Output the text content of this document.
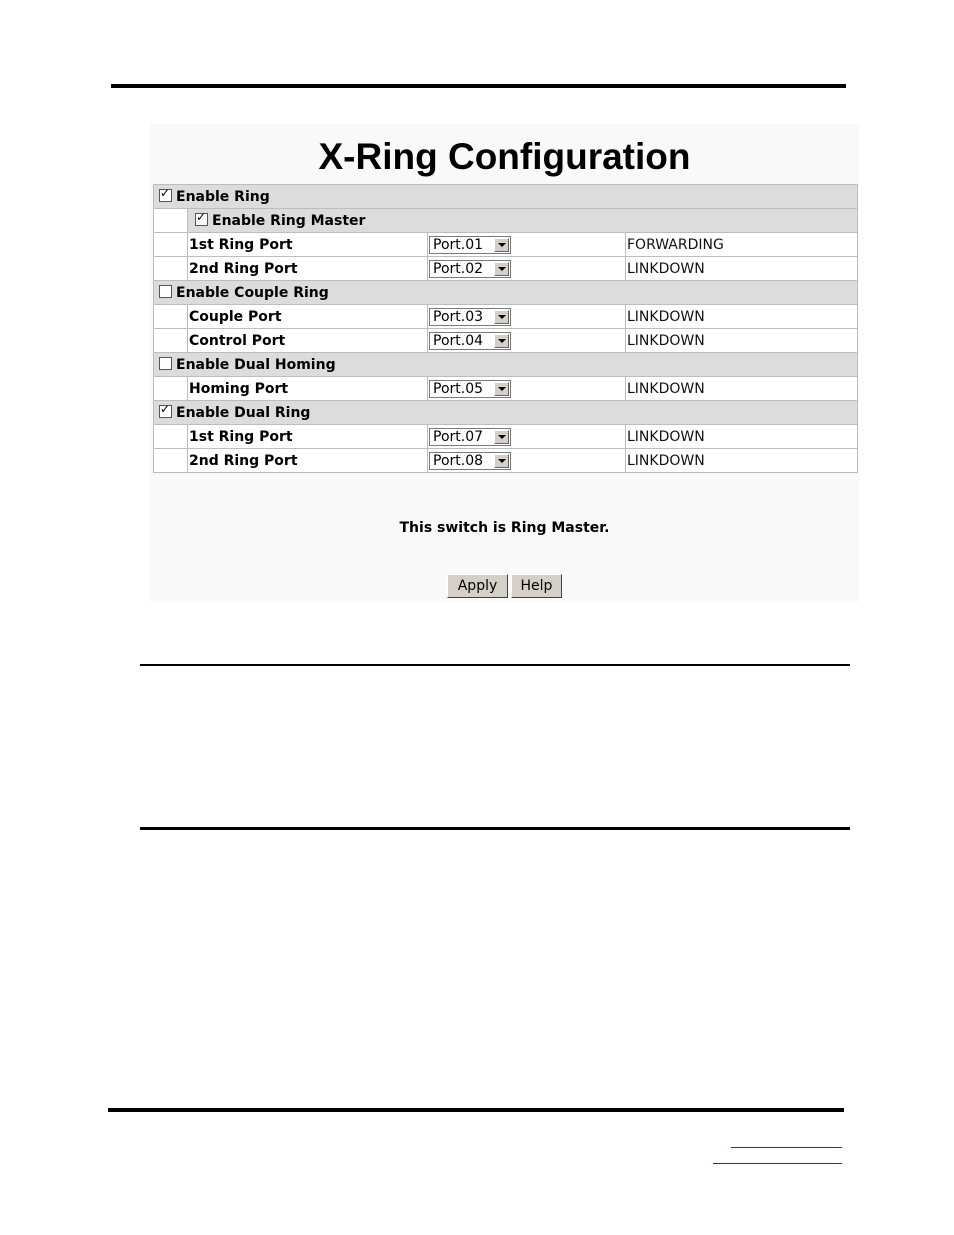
X-Ring Configuration
✓Enable Ring
	✓Enable Ring Master
	1st Ring Port	Port.01	FORWARDING
	2nd Ring Port	Port.02	LINKDOWN
Enable Couple Ring			
	Couple Port	Port.03	LINKDOWN
	Control Port	Port.04	LINKDOWN
Enable Dual Homing			
	Homing Port	Port.05	LINKDOWN
✓Enable Dual Ring
	1st Ring Port	Port.07	LINKDOWN
	2nd Ring Port	Port.08	LINKDOWN
This switch is Ring Master.
Apply	Help
